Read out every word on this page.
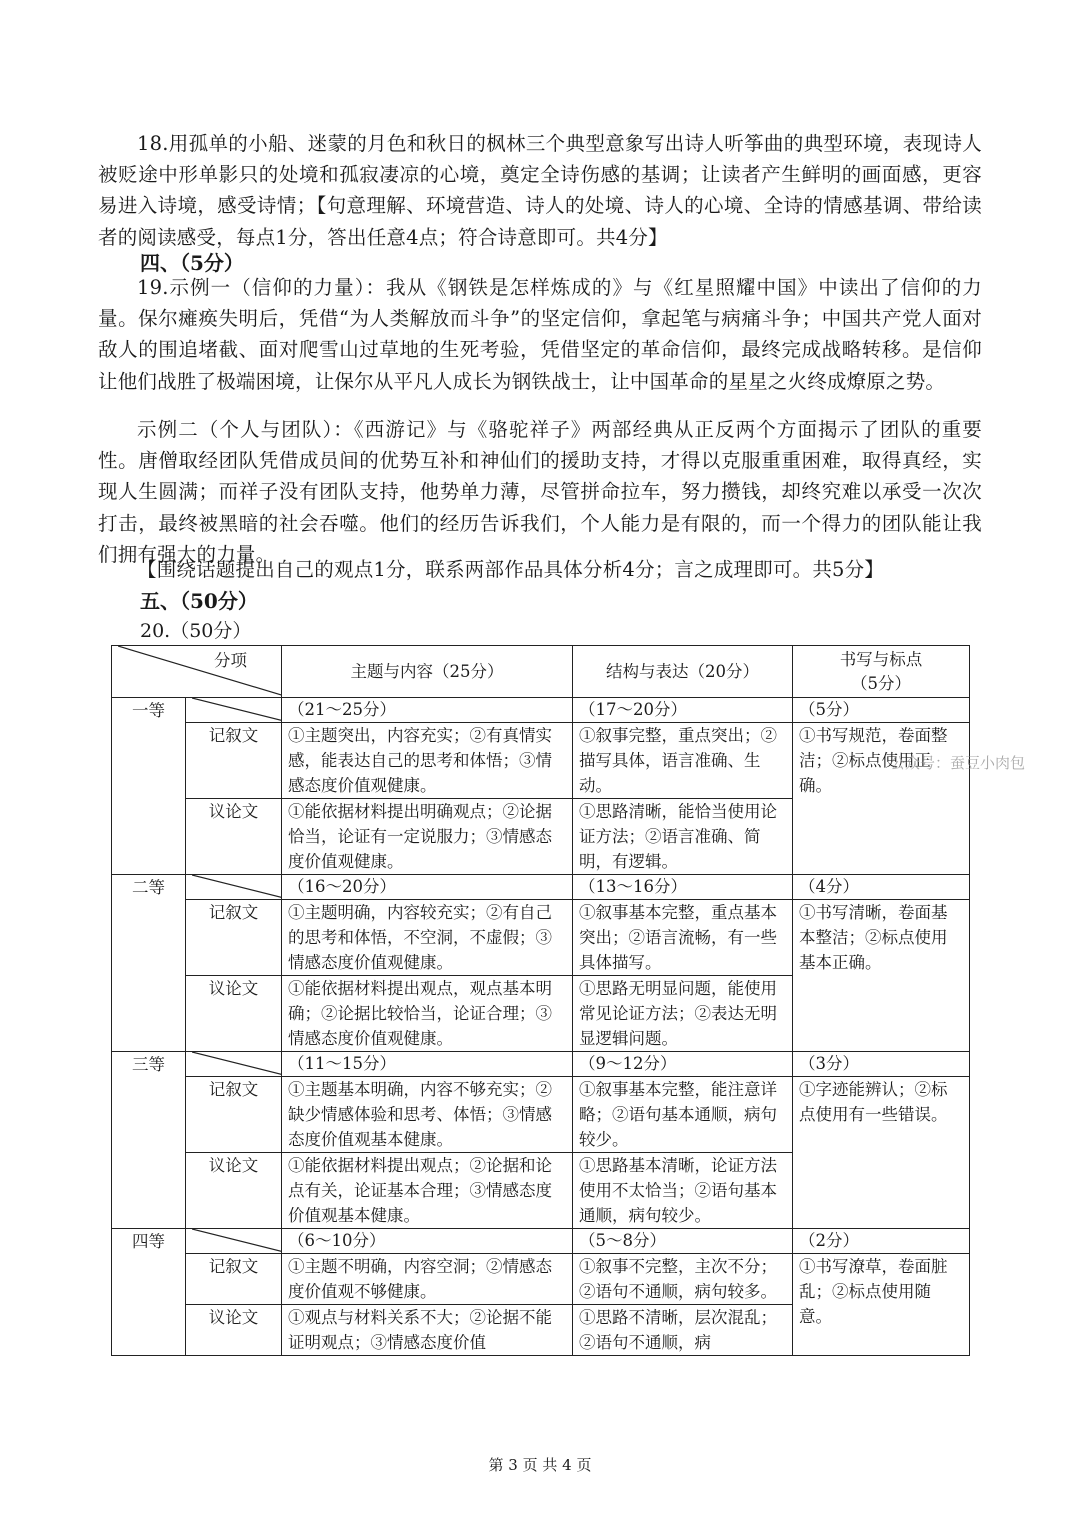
18.用孤单的小船、迷蒙的月色和秋日的枫林三个典型意象写出诗人听筝曲的典型环境，表现诗人被贬途中形单影只的处境和孤寂凄凉的心境，奠定全诗伤感的基调；让读者产生鲜明的画面感，更容易进入诗境，感受诗情；【句意理解、环境营造、诗人的处境、诗人的心境、全诗的情感基调、带给读者的阅读感受，每点1分，答出任意4点；符合诗意即可。共4分】
四、（5分）
19.示例一（信仰的力量）：我从《钢铁是怎样炼成的》与《红星照耀中国》中读出了信仰的力量。保尔瘫痪失明后，凭借“为人类解放而斗争”的坚定信仰，拿起笔与病痛斗争；中国共产党人面对敌人的围追堵截、面对爬雪山过草地的生死考验，凭借坚定的革命信仰，最终完成战略转移。是信仰让他们战胜了极端困境，让保尔从平凡人成长为钢铁战士，让中国革命的星星之火终成燎原之势。
示例二（个人与团队）：《西游记》与《骆驼祥子》两部经典从正反两个方面揭示了团队的重要性。唐僧取经团队凭借成员间的优势互补和神仙们的援助支持，才得以克服重重困难，取得真经，实现人生圆满；而祥子没有团队支持，他势单力薄，尽管拼命拉车，努力攒钱，却终究难以承受一次次打击，最终被黑暗的社会吞噬。他们的经历告诉我们，个人能力是有限的，而一个得力的团队能让我们拥有强大的力量。
【围绕话题提出自己的观点1分，联系两部作品具体分析4分；言之成理即可。共5分】
五、（50分）
20.（50分）
分项		主题与内容（25分）	结构与表达（20分）	书写与标点
（5分）
一等		（21～25分）	（17～20分）	（5分）
	记叙文	①主题突出，内容充实；②有真情实感，能表达自己的思考和体悟；③情感态度价值观健康。	①叙事完整，重点突出；②描写具体，语言准确、生动。	①书写规范，卷面整洁；②标点使用正确。
	议论文	①能依据材料提出明确观点；②论据恰当，论证有一定说服力；③情感态度价值观健康。	①思路清晰，能恰当使用论证方法；②语言准确、简明，有逻辑。	
二等		（16～20分）	（13～16分）	（4分）
	记叙文	①主题明确，内容较充实；②有自己的思考和体悟，不空洞，不虚假；③情感态度价值观健康。	①叙事基本完整，重点基本突出；②语言流畅，有一些具体描写。	①书写清晰，卷面基本整洁；②标点使用基本正确。
	议论文	①能依据材料提出观点，观点基本明确；②论据比较恰当，论证合理；③情感态度价值观健康。	①思路无明显问题，能使用常见论证方法；②表达无明显逻辑问题。	
三等		（11～15分）	（9～12分）	（3分）
	记叙文	①主题基本明确，内容不够充实；②缺少情感体验和思考、体悟；③情感态度价值观基本健康。	①叙事基本完整，能注意详略；②语句基本通顺，病句较少。	①字迹能辨认；②标点使用有一些错误。
	议论文	①能依据材料提出观点；②论据和论点有关，论证基本合理；③情感态度价值观基本健康。	①思路基本清晰，论证方法使用不太恰当；②语句基本通顺，病句较少。	
四等		（6～10分）	（5～8分）	（2分）
	记叙文	①主题不明确，内容空洞；②情感态度价值观不够健康。	①叙事不完整，主次不分；②语句不通顺，病句较多。	①书写潦草，卷面脏乱；②标点使用随意。
	议论文	①观点与材料关系不大；②论据不能证明观点；③情感态度价值	①思路不清晰，层次混乱；②语句不通顺，病	
公众号：蚕豆小肉包
第 3 页 共 4 页
